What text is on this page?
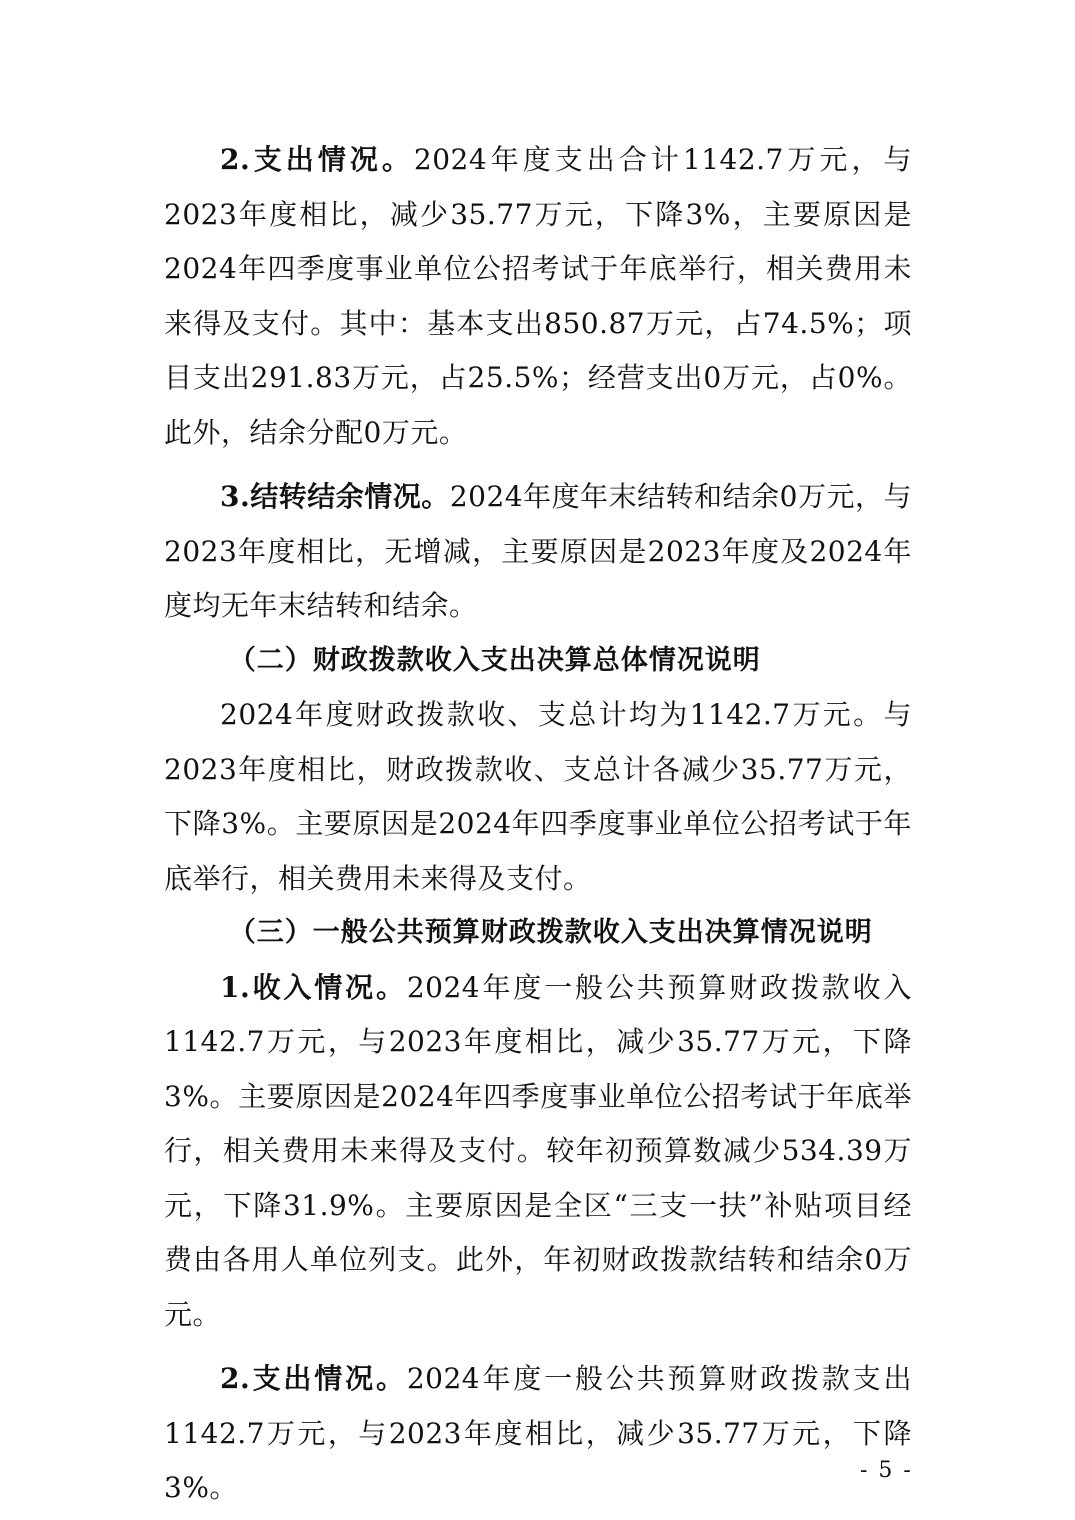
2.支出情况。2024年度支出合计1142.7万元，与2023年度相比，减少35.77万元，下降3%，主要原因是2024年四季度事业单位公招考试于年底举行，相关费用未来得及支付。其中：基本支出850.87万元，占74.5%；项目支出291.83万元，占25.5%；经营支出0万元，占0%。此外，结余分配0万元。

3.结转结余情况。2024年度年末结转和结余0万元，与2023年度相比，无增减，主要原因是2023年度及2024年度均无年末结转和结余。

（二）财政拨款收入支出决算总体情况说明

2024年度财政拨款收、支总计均为1142.7万元。与2023年度相比，财政拨款收、支总计各减少35.77万元，下降3%。主要原因是2024年四季度事业单位公招考试于年底举行，相关费用未来得及支付。

（三）一般公共预算财政拨款收入支出决算情况说明

1.收入情况。2024年度一般公共预算财政拨款收入1142.7万元，与2023年度相比，减少35.77万元，下降3%。主要原因是2024年四季度事业单位公招考试于年底举行，相关费用未来得及支付。较年初预算数减少534.39万元，下降31.9%。主要原因是全区“三支一扶”补贴项目经费由各用人单位列支。此外，年初财政拨款结转和结余0万元。

2.支出情况。2024年度一般公共预算财政拨款支出1142.7万元，与2023年度相比，减少35.77万元，下降3%。

- 5 -
